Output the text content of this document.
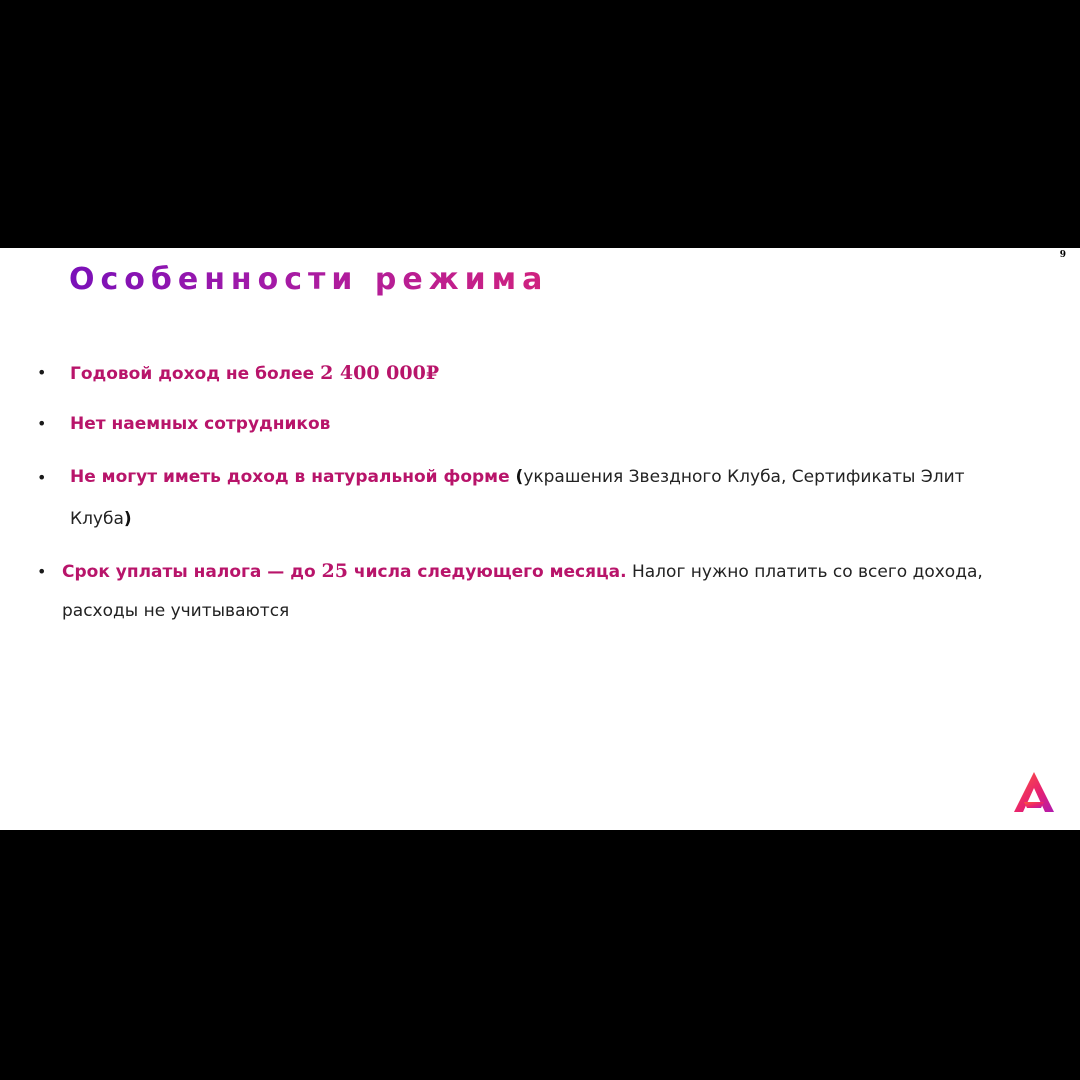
9
Особенности режима
• Годовой доход не более 2 400 000₽
• Нет наемных сотрудников
• Не могут иметь доход в натуральной форме (украшения Звездного Клуба, Сертификаты Элит
Клуба)
• Срок уплаты налога — до 25 числа следующего месяца. Налог нужно платить со всего дохода,
расходы не учитываются
